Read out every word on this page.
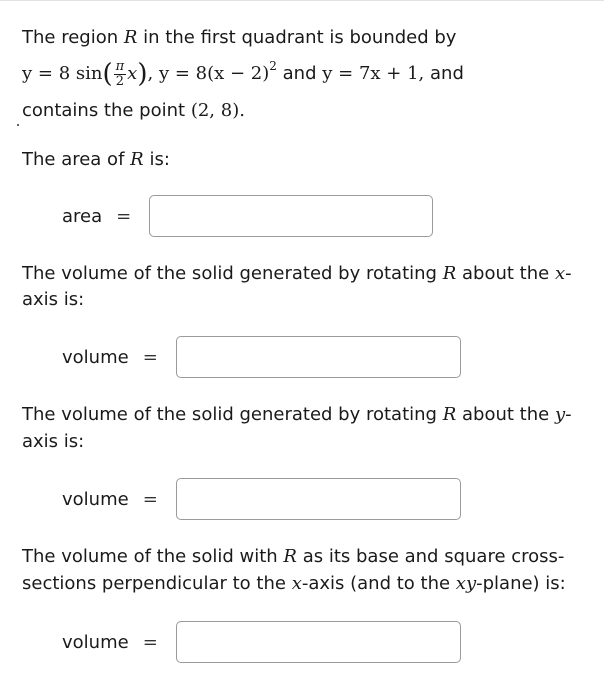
The region R in the first quadrant is bounded by
y = 8 $\sin( \frac{\pi}{2} x)$, $y = 8(x - 2)^2$ and y = 7x + 1, and
contains the point (2, 8).
The area of R is:
area =
The volume of the solid generated by rotating R about the x-
axis is:
volume =
The volume of the solid generated by rotating R about the y-
axis is:
volume =
The volume of the solid with R as its base and square cross-
sections perpendicular to the x-axis (and to the xy-plane) is:
volume =
